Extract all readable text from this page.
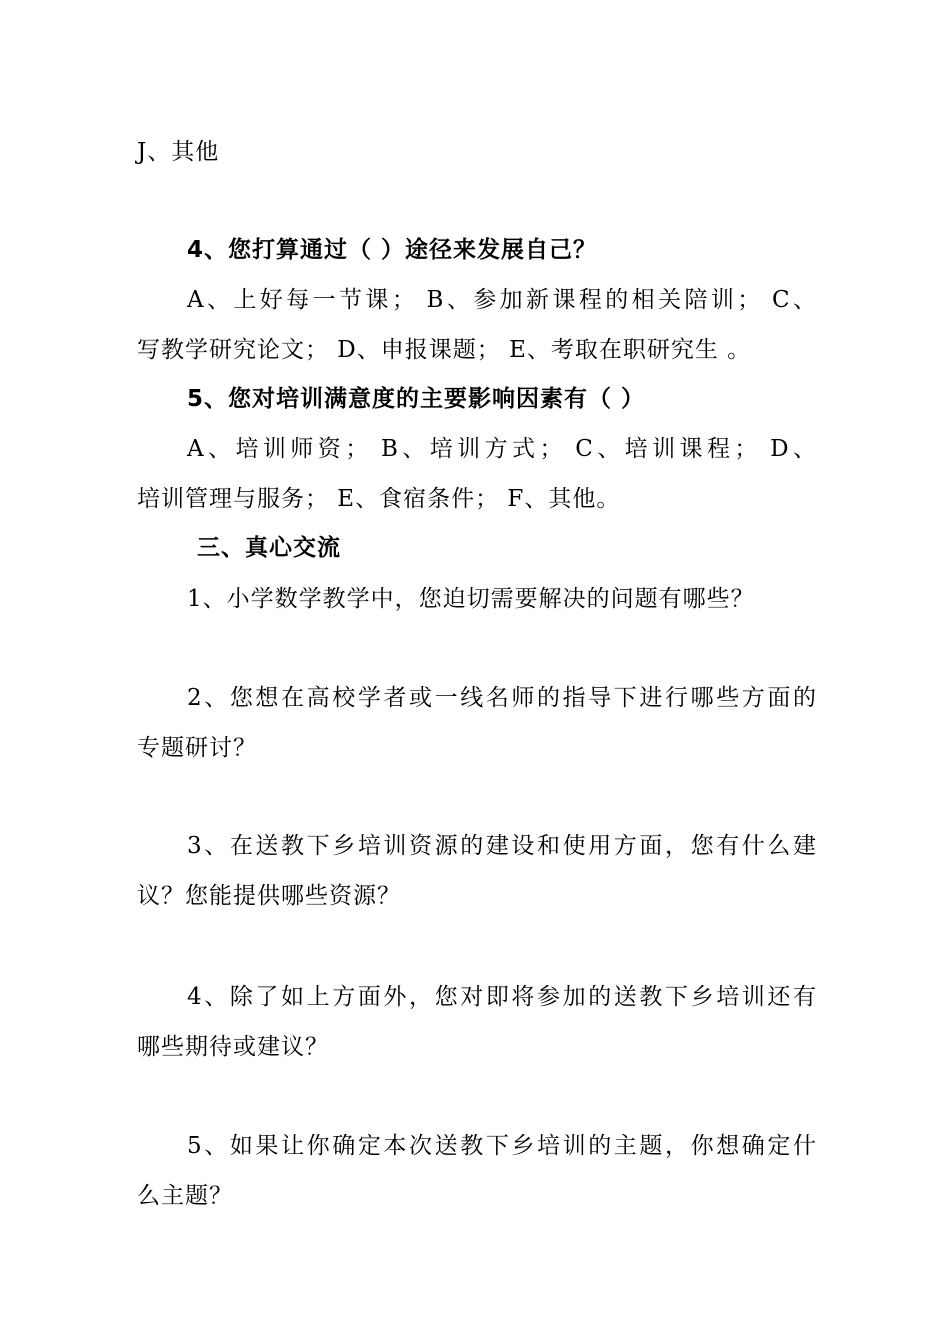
J、其他
4、您打算通过（ ）途径来发展自己？
A、上好每一节课； B、参加新课程的相关陪训； C、
写教学研究论文； D、申报课题； E、考取在职研究生 。
5、您对培训满意度的主要影响因素有（ ）
A、培训师资； B、培训方式； C、培训课程； D、
培训管理与服务； E、食宿条件； F、其他。
三、真心交流
1、小学数学教学中，您迫切需要解决的问题有哪些？
2、您想在高校学者或一线名师的指导下进行哪些方面的
专题研讨？
3、在送教下乡培训资源的建设和使用方面，您有什么建
议？您能提供哪些资源？
4、除了如上方面外，您对即将参加的送教下乡培训还有
哪些期待或建议？
5、如果让你确定本次送教下乡培训的主题，你想确定什
么主题？
